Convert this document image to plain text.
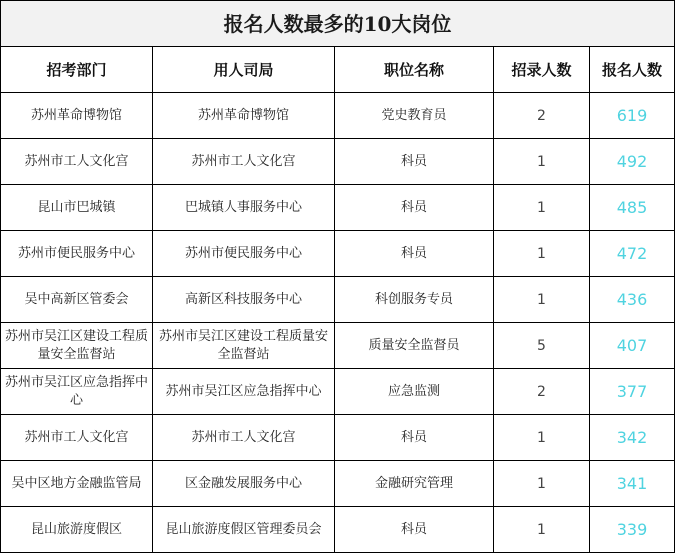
报名人数最多的10大岗位				
招考部门	用人司局	职位名称	招录人数	报名人数
苏州革命博物馆	苏州革命博物馆	党史教育员	2	619
苏州市工人文化宫	苏州市工人文化宫	科员	1	492
昆山市巴城镇	巴城镇人事服务中心	科员	1	485
苏州市便民服务中心	苏州市便民服务中心	科员	1	472
吴中高新区管委会	高新区科技服务中心	科创服务专员	1	436
苏州市吴江区建设工程质量安全监督站	苏州市吴江区建设工程质量安全监督站	质量安全监督员	5	407
苏州市吴江区应急指挥中心	苏州市吴江区应急指挥中心	应急监测	2	377
苏州市工人文化宫	苏州市工人文化宫	科员	1	342
吴中区地方金融监管局	区金融发展服务中心	金融研究管理	1	341
昆山旅游度假区	昆山旅游度假区管理委员会	科员	1	339
